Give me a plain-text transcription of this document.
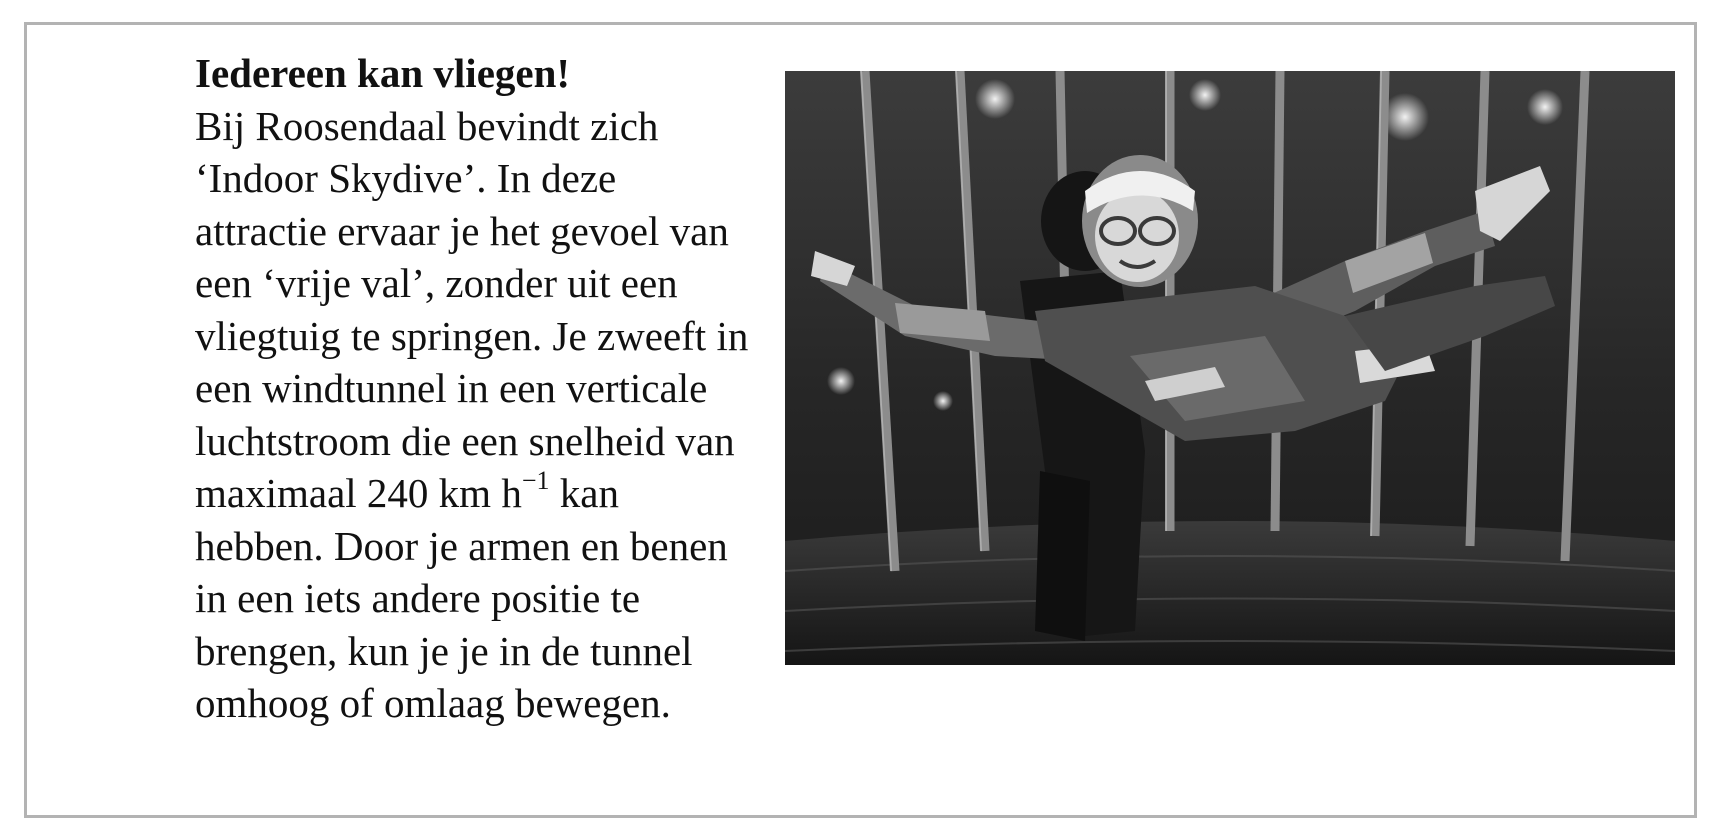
Iedereen kan vliegen!
Bij Roosendaal bevindt zich ‘Indoor Skydive’. In deze attractie ervaar je het gevoel van een ‘vrije val’, zonder uit een vliegtuig te springen. Je zweeft in een windtunnel in een verticale luchtstroom die een snelheid van maximaal 240 km $h^{-1}$ kan hebben. Door je armen en benen in een iets andere positie te brengen, kun je je in de tunnel omhoog of omlaag bewegen.
